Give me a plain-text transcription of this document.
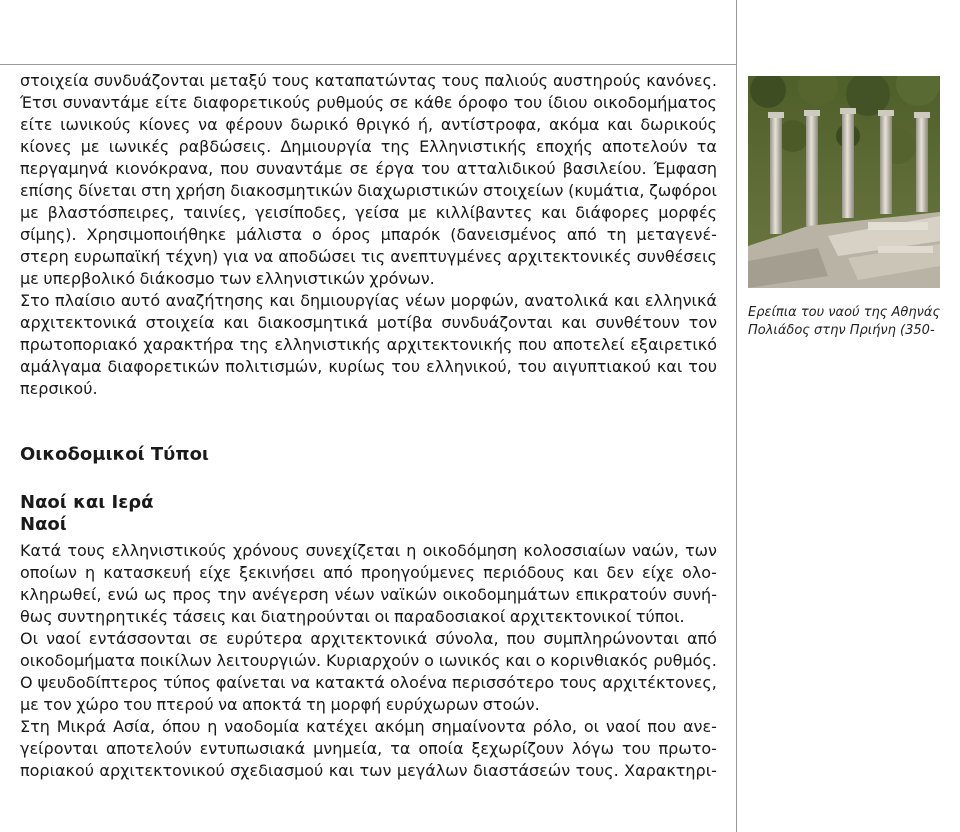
στοιχεία συνδυάζονται μεταξύ τους καταπατώντας τους παλιούς αυστηρούς κανόνες.
Έτσι συναντάμε είτε διαφορετικούς ρυθμούς σε κάθε όροφο του ίδιου οικοδομήματος
είτε ιωνικούς κίονες να φέρουν δωρικό θριγκό ή, αντίστροφα, ακόμα και δωρικούς
κίονες με ιωνικές ραβδώσεις. Δημιουργία της Ελληνιστικής εποχής αποτελούν τα
περγαμηνά κιονόκρανα, που συναντάμε σε έργα του ατταλιδικού βασιλείου. Έμφαση
επίσης δίνεται στη χρήση διακοσμητικών διαχωριστικών στοιχείων (κυμάτια, ζωφόροι
με βλαστόσπειρες, ταινίες, γεισίποδες, γείσα με κιλλίβαντες και διάφορες μορφές
σίμης). Χρησιμοποιήθηκε μάλιστα ο όρος μπαρόκ (δανεισμένος από τη μεταγενέ-
στερη ευρωπαϊκή τέχνη) για να αποδώσει τις ανεπτυγμένες αρχιτεκτονικές συνθέσεις
με υπερβολικό διάκοσμο των ελληνιστικών χρόνων.
Στο πλαίσιο αυτό αναζήτησης και δημιουργίας νέων μορφών, ανατολικά και ελληνικά
αρχιτεκτονικά στοιχεία και διακοσμητικά μοτίβα συνδυάζονται και συνθέτουν τον
πρωτοποριακό χαρακτήρα της ελληνιστικής αρχιτεκτονικής που αποτελεί εξαιρετικό
αμάλγαμα διαφορετικών πολιτισμών, κυρίως του ελληνικού, του αιγυπτιακού και του
περσικού.
Οικοδομικοί Τύποι
Ναοί και Ιερά
Ναοί
Κατά τους ελληνιστικούς χρόνους συνεχίζεται η οικοδόμηση κολοσσιαίων ναών, των
οποίων η κατασκευή είχε ξεκινήσει από προηγούμενες περιόδους και δεν είχε ολο-
κληρωθεί, ενώ ως προς την ανέγερση νέων ναϊκών οικοδομημάτων επικρατούν συνή-
θως συντηρητικές τάσεις και διατηρούνται οι παραδοσιακοί αρχιτεκτονικοί τύποι.
Οι ναοί εντάσσονται σε ευρύτερα αρχιτεκτονικά σύνολα, που συμπληρώνονται από
οικοδομήματα ποικίλων λειτουργιών. Κυριαρχούν ο ιωνικός και ο κορινθιακός ρυθμός.
Ο ψευδοδίπτερος τύπος φαίνεται να κατακτά ολοένα περισσότερο τους αρχιτέκτονες,
με τον χώρο του πτερού να αποκτά τη μορφή ευρύχωρων στοών.
Στη Μικρά Ασία, όπου η ναοδομία κατέχει ακόμη σημαίνοντα ρόλο, οι ναοί που ανε-
γείρονται αποτελούν εντυπωσιακά μνημεία, τα οποία ξεχωρίζουν λόγω του πρωτο-
ποριακού αρχιτεκτονικού σχεδιασμού και των μεγάλων διαστάσεών τους. Χαρακτηρι-
Ερείπια του ναού της Αθηνάς
Πολιάδος στην Πριήνη (350-
